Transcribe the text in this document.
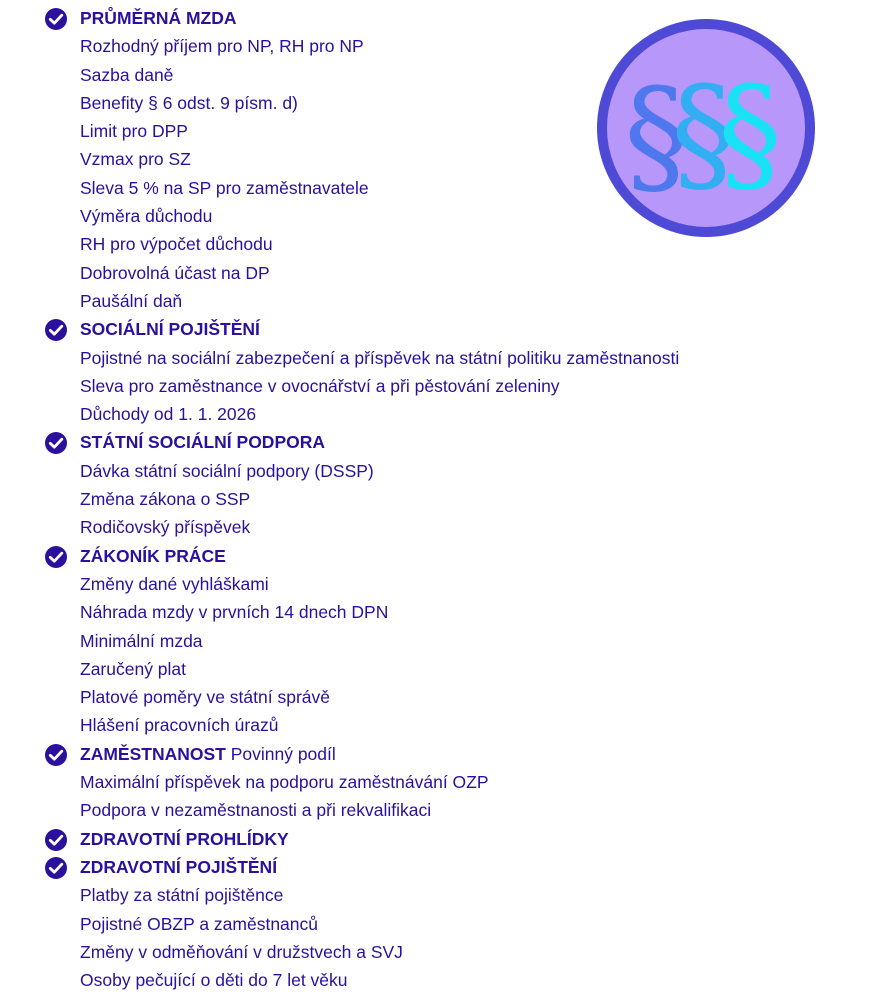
PRŮMĚRNÁ MZDA
Rozhodný příjem pro NP, RH pro NP
Sazba daně
Benefity § 6 odst. 9 písm. d)
Limit pro DPP
Vzmax pro SZ
Sleva 5 % na SP pro zaměstnavatele
Výměra důchodu
RH pro výpočet důchodu
Dobrovolná účast na DP
Paušální daň
SOCIÁLNÍ POJIŠTĚNÍ
Pojistné na sociální zabezpečení a příspěvek na státní politiku zaměstnanosti
Sleva pro zaměstnance v ovocnářství a při pěstování zeleniny
Důchody od 1. 1. 2026
STÁTNÍ SOCIÁLNÍ PODPORA
Dávka státní sociální podpory (DSSP)
Změna zákona o SSP
Rodičovský příspěvek
ZÁKONÍK PRÁCE
Změny dané vyhláškami
Náhrada mzdy v prvních 14 dnech DPN
Minimální mzda
Zaručený plat
Platové poměry ve státní správě
Hlášení pracovních úrazů
ZAMĚSTNANOST Povinný podíl
Maximální příspěvek na podporu zaměstnávání OZP
Podpora v nezaměstnanosti a při rekvalifikaci
ZDRAVOTNÍ PROHLÍDKY
ZDRAVOTNÍ POJIŠTĚNÍ
Platby za státní pojištěnce
Pojistné OBZP a zaměstnanců
Změny v odměňování v družstvech a SVJ
Osoby pečující o děti do 7 let věku
§
§
§
